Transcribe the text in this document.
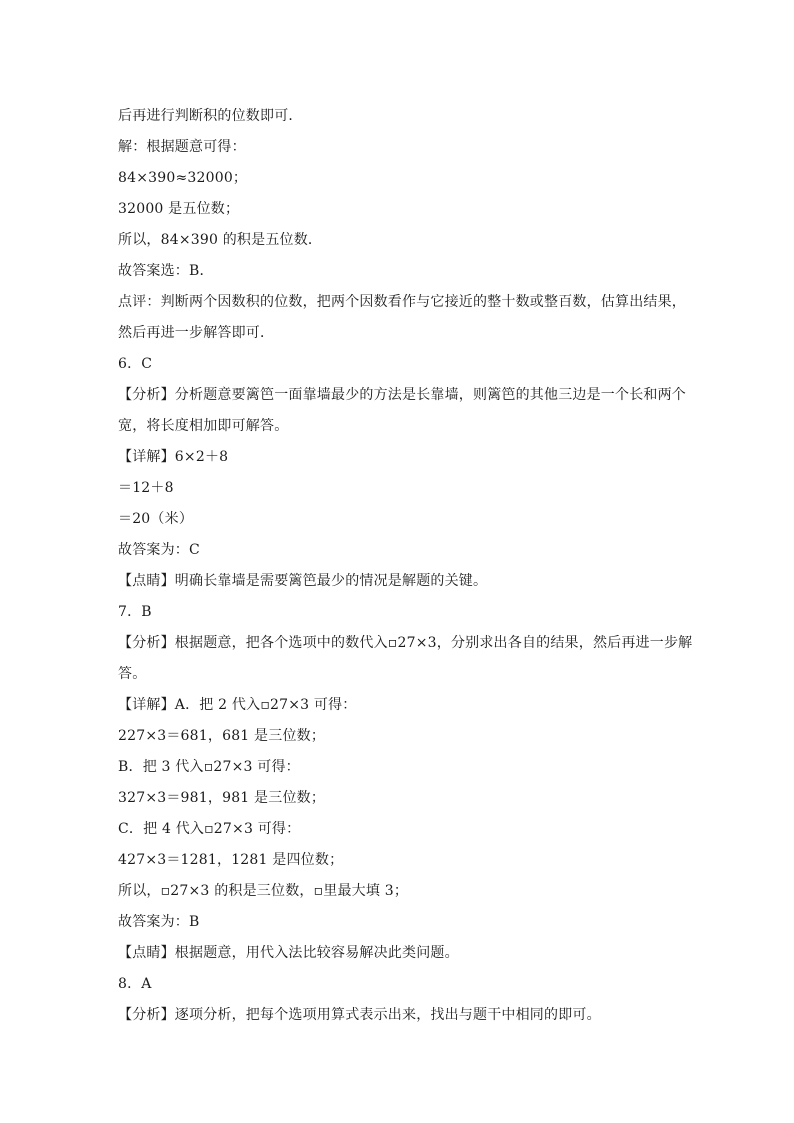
后再进行判断积的位数即可．
解：根据题意可得：
84×390≈32000；
32000 是五位数；
所以，84×390 的积是五位数．
故答案选：B．
点评：判断两个因数积的位数，把两个因数看作与它接近的整十数或整百数，估算出结果，
然后再进一步解答即可．
6．C
【分析】分析题意要篱笆一面靠墙最少的方法是长靠墙，则篱笆的其他三边是一个长和两个
宽，将长度相加即可解答。
【详解】6×2＋8
＝12＋8
＝20（米）
故答案为：C
【点睛】明确长靠墙是需要篱笆最少的情况是解题的关键。
7．B
【分析】根据题意，把各个选项中的数代入▫27×3，分别求出各自的结果，然后再进一步解
答。
【详解】A．把 2 代入▫27×3 可得：
227×3＝681，681 是三位数；
B．把 3 代入▫27×3 可得：
327×3＝981，981 是三位数；
C．把 4 代入▫27×3 可得：
427×3＝1281，1281 是四位数；
所以，▫27×3 的积是三位数，▫里最大填 3；
故答案为：B
【点睛】根据题意，用代入法比较容易解决此类问题。
8．A
【分析】逐项分析，把每个选项用算式表示出来，找出与题干中相同的即可。
